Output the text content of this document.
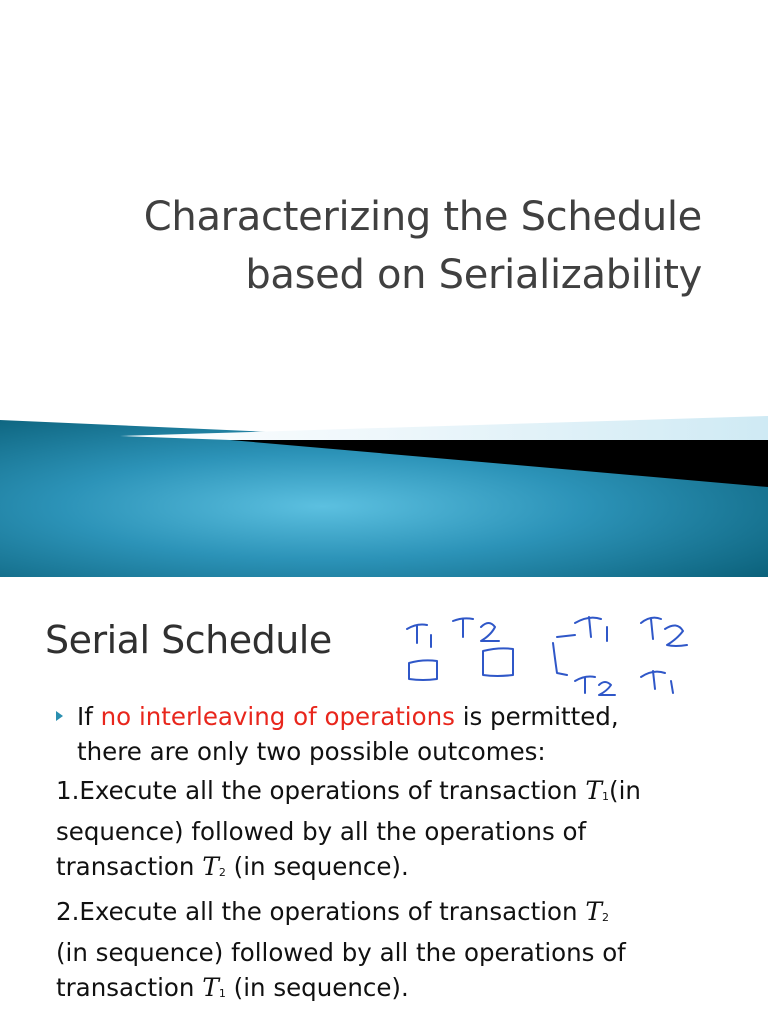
Characterizing the Schedule
based on Serializability
Serial Schedule
If no interleaving of operations is permitted,
there are only two possible outcomes:
1.Execute all the operations of transaction T1(in
sequence) followed by all the operations of
transaction T2 (in sequence).
2.Execute all the operations of transaction T2
(in sequence) followed by all the operations of
transaction T1 (in sequence).
